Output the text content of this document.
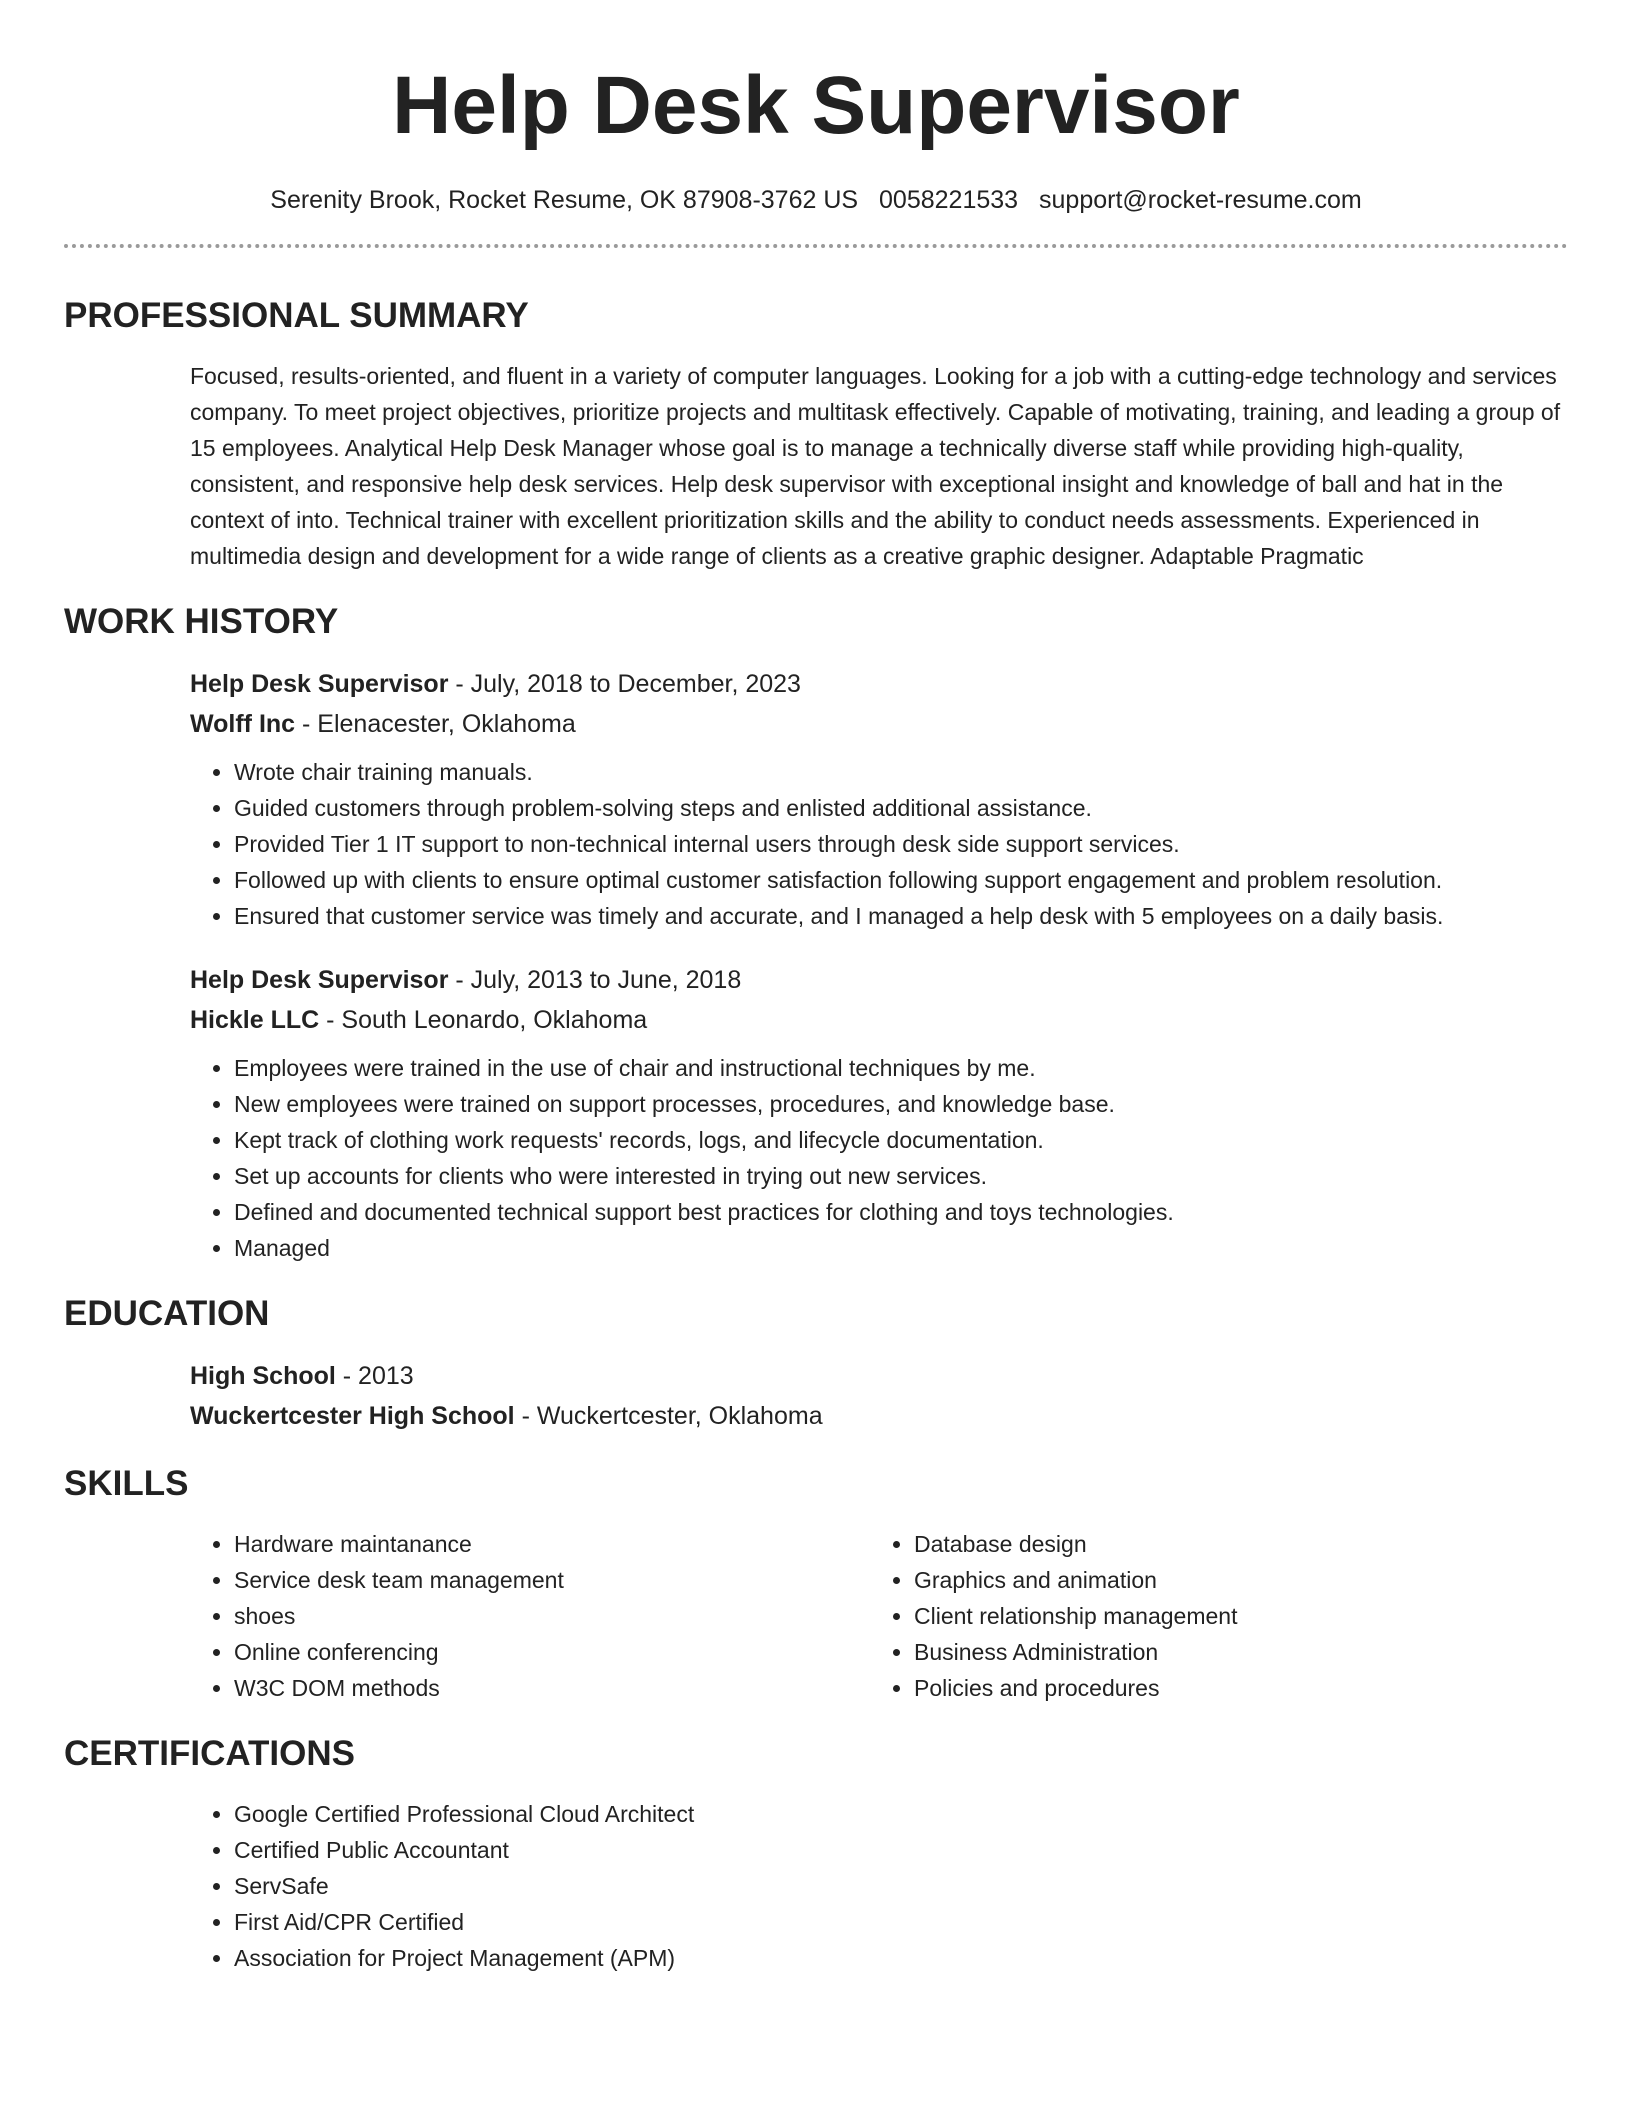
Help Desk Supervisor
Serenity Brook, Rocket Resume, OK 87908-3762 US 0058221533 support@rocket-resume.com
PROFESSIONAL SUMMARY

Focused, results-oriented, and fluent in a variety of computer languages. Looking for a job with a cutting-edge technology and services company. To meet project objectives, prioritize projects and multitask effectively. Capable of motivating, training, and leading a group of 15 employees. Analytical Help Desk Manager whose goal is to manage a technically diverse staff while providing high-quality, consistent, and responsive help desk services. Help desk supervisor with exceptional insight and knowledge of ball and hat in the context of into. Technical trainer with excellent prioritization skills and the ability to conduct needs assessments. Experienced in multimedia design and development for a wide range of clients as a creative graphic designer. Adaptable Pragmatic

WORK HISTORY
Help Desk Supervisor - July, 2018 to December, 2023
Wolff Inc - Elenacester, Oklahoma
• Wrote chair training manuals.
• Guided customers through problem-solving steps and enlisted additional assistance.
• Provided Tier 1 IT support to non-technical internal users through desk side support services.
• Followed up with clients to ensure optimal customer satisfaction following support engagement and problem resolution.
• Ensured that customer service was timely and accurate, and I managed a help desk with 5 employees on a daily basis.
Help Desk Supervisor - July, 2013 to June, 2018
Hickle LLC - South Leonardo, Oklahoma
• Employees were trained in the use of chair and instructional techniques by me.
• New employees were trained on support processes, procedures, and knowledge base.
• Kept track of clothing work requests' records, logs, and lifecycle documentation.
• Set up accounts for clients who were interested in trying out new services.
• Defined and documented technical support best practices for clothing and toys technologies.
• Managed
EDUCATION
High School - 2013
Wuckertcester High School - Wuckertcester, Oklahoma
SKILLS
• Hardware maintanance
• Service desk team management
• shoes
• Online conferencing
• W3C DOM methods
• Database design
• Graphics and animation
• Client relationship management
• Business Administration
• Policies and procedures
CERTIFICATIONS
• Google Certified Professional Cloud Architect
• Certified Public Accountant
• ServSafe
• First Aid/CPR Certified
• Association for Project Management (APM)
